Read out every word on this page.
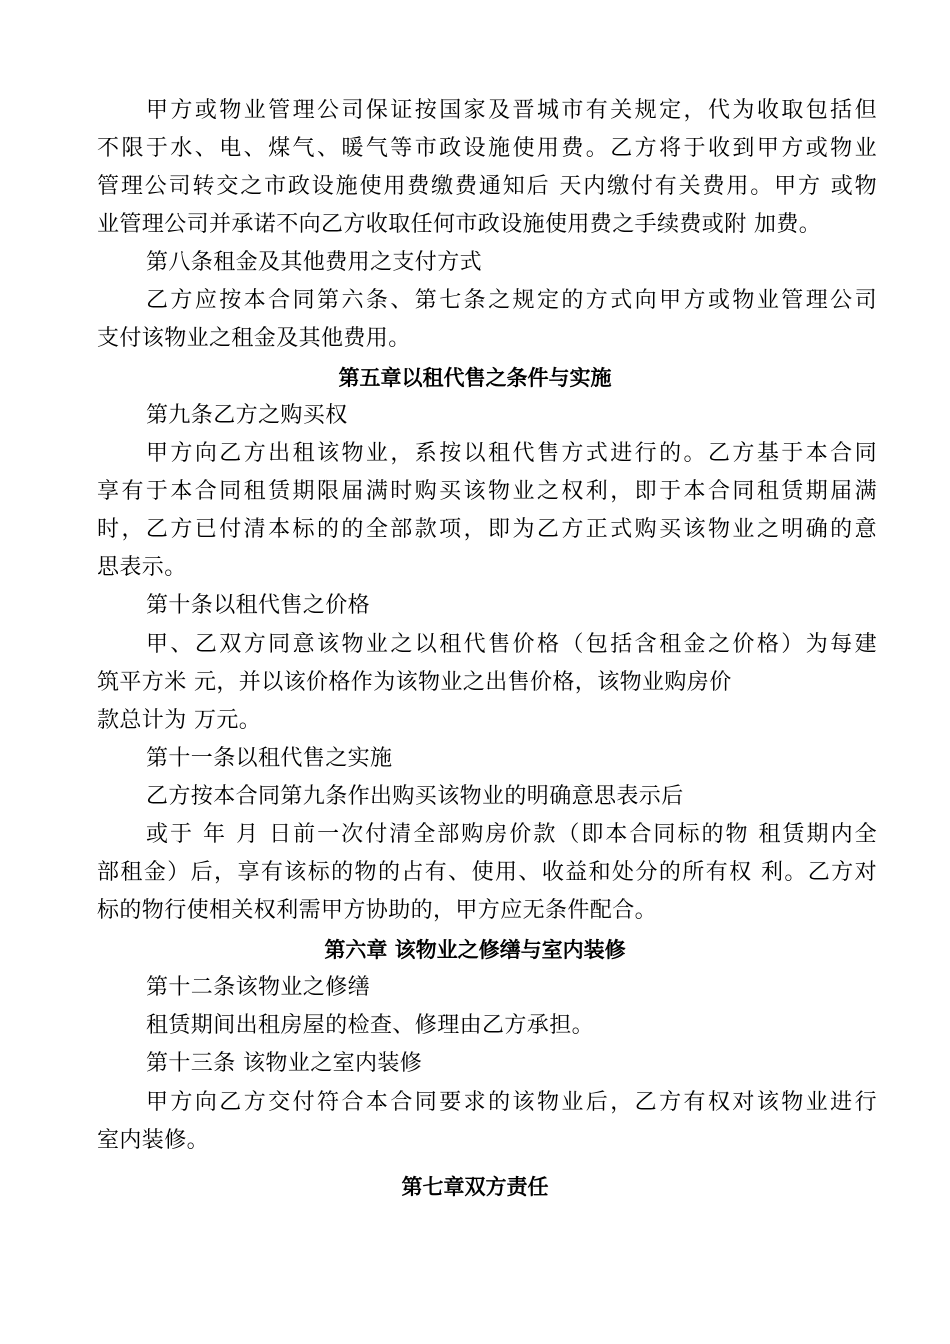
甲方或物业管理公司保证按国家及晋城市有关规定，代为收取包括但
不限于水、电、煤气、暖气等市政设施使用费。乙方将于收到甲方或物业
管理公司转交之市政设施使用费缴费通知后 天内缴付有关费用。甲方 或物
业管理公司并承诺不向乙方收取任何市政设施使用费之手续费或附 加费。
第八条租金及其他费用之支付方式
乙方应按本合同第六条、第七条之规定的方式向甲方或物业管理公司
支付该物业之租金及其他费用。
第五章以租代售之条件与实施
第九条乙方之购买权
甲方向乙方出租该物业，系按以租代售方式进行的。乙方基于本合同
享有于本合同租赁期限届满时购买该物业之权利，即于本合同租赁期届满
时，乙方已付清本标的的全部款项，即为乙方正式购买该物业之明确的意
思表示。
第十条以租代售之价格
甲、乙双方同意该物业之以租代售价格（包括含租金之价格）为每建
筑平方米 元，并以该价格作为该物业之出售价格，该物业购房价
款总计为 万元。
第十一条以租代售之实施
乙方按本合同第九条作出购买该物业的明确意思表示后
或于 年 月 日前一次付清全部购房价款（即本合同标的物 租赁期内全
部租金）后，享有该标的物的占有、使用、收益和处分的所有权 利。乙方对
标的物行使相关权利需甲方协助的，甲方应无条件配合。
第六章 该物业之修缮与室内装修
第十二条该物业之修缮
租赁期间出租房屋的检查、修理由乙方承担。
第十三条 该物业之室内装修
甲方向乙方交付符合本合同要求的该物业后，乙方有权对该物业进行
室内装修。
第七章双方责任
